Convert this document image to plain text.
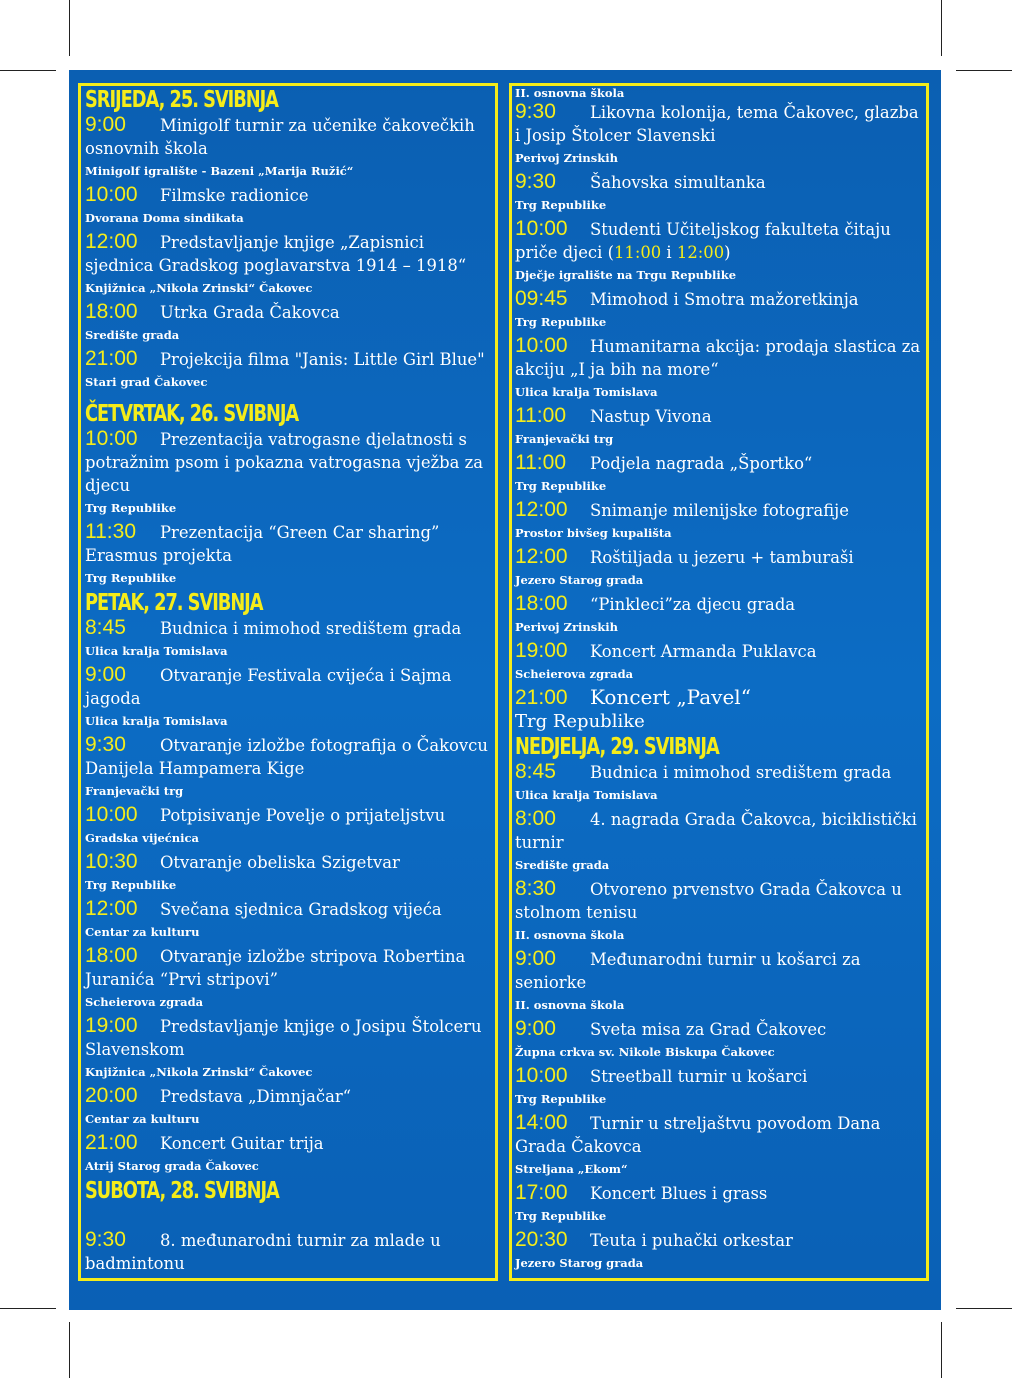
SRIJEDA, 25. SVIBNJA
9:00 Minigolf turnir za učenike čakovečkih osnovnih škola
Minigolf igralište - Bazeni „Marija Ružić“
10:00 Filmske radionice
Dvorana Doma sindikata
12:00 Predstavljanje knjige „Zapisnici sjednica Gradskog poglavarstva 1914 – 1918“
Knjižnica „Nikola Zrinski“ Čakovec
18:00 Utrka Grada Čakovca
Središte grada
21:00 Projekcija filma "Janis: Little Girl Blue"
Stari grad Čakovec
ČETVRTAK, 26. SVIBNJA
10:00 Prezentacija vatrogasne djelatnosti s potražnim psom i pokazna vatrogasna vježba za djecu
Trg Republike
11:30 Prezentacija “Green Car sharing” Erasmus projekta
Trg Republike
PETAK, 27. SVIBNJA
8:45 Budnica i mimohod središtem grada
Ulica kralja Tomislava
9:00 Otvaranje Festivala cvijeća i Sajma jagoda
Ulica kralja Tomislava
9:30 Otvaranje izložbe fotografija o Čakovcu Danijela Hampamera Kige
Franjevački trg
10:00 Potpisivanje Povelje o prijateljstvu
Gradska vijećnica
10:30 Otvaranje obeliska Szigetvar
Trg Republike
12:00 Svečana sjednica Gradskog vijeća
Centar za kulturu
18:00 Otvaranje izložbe stripova Robertina Juranića “Prvi stripovi”
Scheierova zgrada
19:00 Predstavljanje knjige o Josipu Štolceru Slavenskom
Knjižnica „Nikola Zrinski“ Čakovec
20:00 Predstava „Dimnjačar“
Centar za kulturu
21:00 Koncert Guitar trija
Atrij Starog grada Čakovec
SUBOTA, 28. SVIBNJA
9:30 8. međunarodni turnir za mlade u badmintonu
II. osnovna škola
9:30 Likovna kolonija, tema Čakovec, glazba i Josip Štolcer Slavenski
Perivoj Zrinskih
9:30 Šahovska simultanka
Trg Republike
10:00 Studenti Učiteljskog fakulteta čitaju priče djeci (11:00 i 12:00)
Dječje igralište na Trgu Republike
09:45 Mimohod i Smotra mažoretkinja
Trg Republike
10:00 Humanitarna akcija: prodaja slastica za akciju „I ja bih na more“
Ulica kralja Tomislava
11:00 Nastup Vivona
Franjevački trg
11:00 Podjela nagrada „Športko“
Trg Republike
12:00 Snimanje milenijske fotografije
Prostor bivšeg kupališta
12:00 Roštiljada u jezeru + tamburaši
Jezero Starog grada
18:00 “Pinkleci”za djecu grada
Perivoj Zrinskih
19:00 Koncert Armanda Puklavca
Scheierova zgrada
21:00 Koncert „Pavel“
Trg Republike
NEDJELJA, 29. SVIBNJA
8:45 Budnica i mimohod središtem grada
Ulica kralja Tomislava
8:00 4. nagrada Grada Čakovca, biciklistički turnir
Središte grada
8:30 Otvoreno prvenstvo Grada Čakovca u stolnom tenisu
II. osnovna škola
9:00 Međunarodni turnir u košarci za seniorke
II. osnovna škola
9:00 Sveta misa za Grad Čakovec
Župna crkva sv. Nikole Biskupa Čakovec
10:00 Streetball turnir u košarci
Trg Republike
14:00 Turnir u streljaštvu povodom Dana Grada Čakovca
Streljana „Ekom“
17:00 Koncert Blues i grass
Trg Republike
20:30 Teuta i puhački orkestar
Jezero Starog grada
